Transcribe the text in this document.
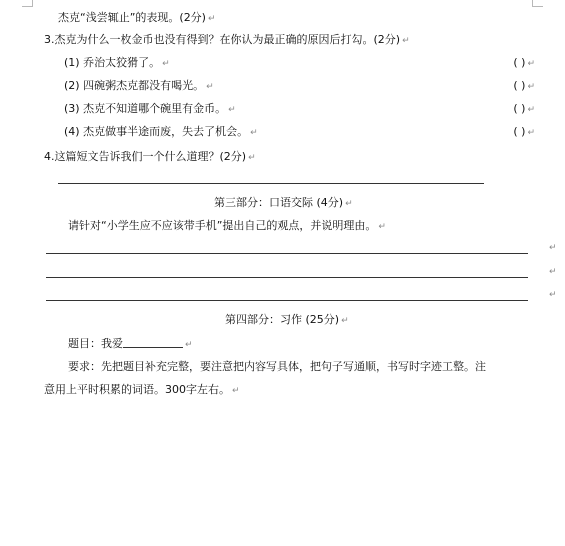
杰克“浅尝辄止”的表现。(2分) ↵
3.杰克为什么一枚金币也没有得到？在你认为最正确的原因后打勾。(2分) ↵
(1) 乔治太狡猾了。 ↵	( ) ↵
(2) 四碗粥杰克都没有喝光。 ↵	( ) ↵
(3) 杰克不知道哪个碗里有金币。 ↵	( ) ↵
(4) 杰克做事半途而废，失去了机会。 ↵	( ) ↵
4.这篇短文告诉我们一个什么道理？(2分) ↵
第三部分：口语交际 (4分) ↵
请针对“小学生应不应该带手机”提出自己的观点，并说明理由。 ↵
↵
↵
↵
第四部分：习作 (25分) ↵
题目：我爱	↵
要求：先把题目补充完整，要注意把内容写具体，把句子写通顺，书写时字迹工整。注
意用上平时积累的词语。300字左右。 ↵
